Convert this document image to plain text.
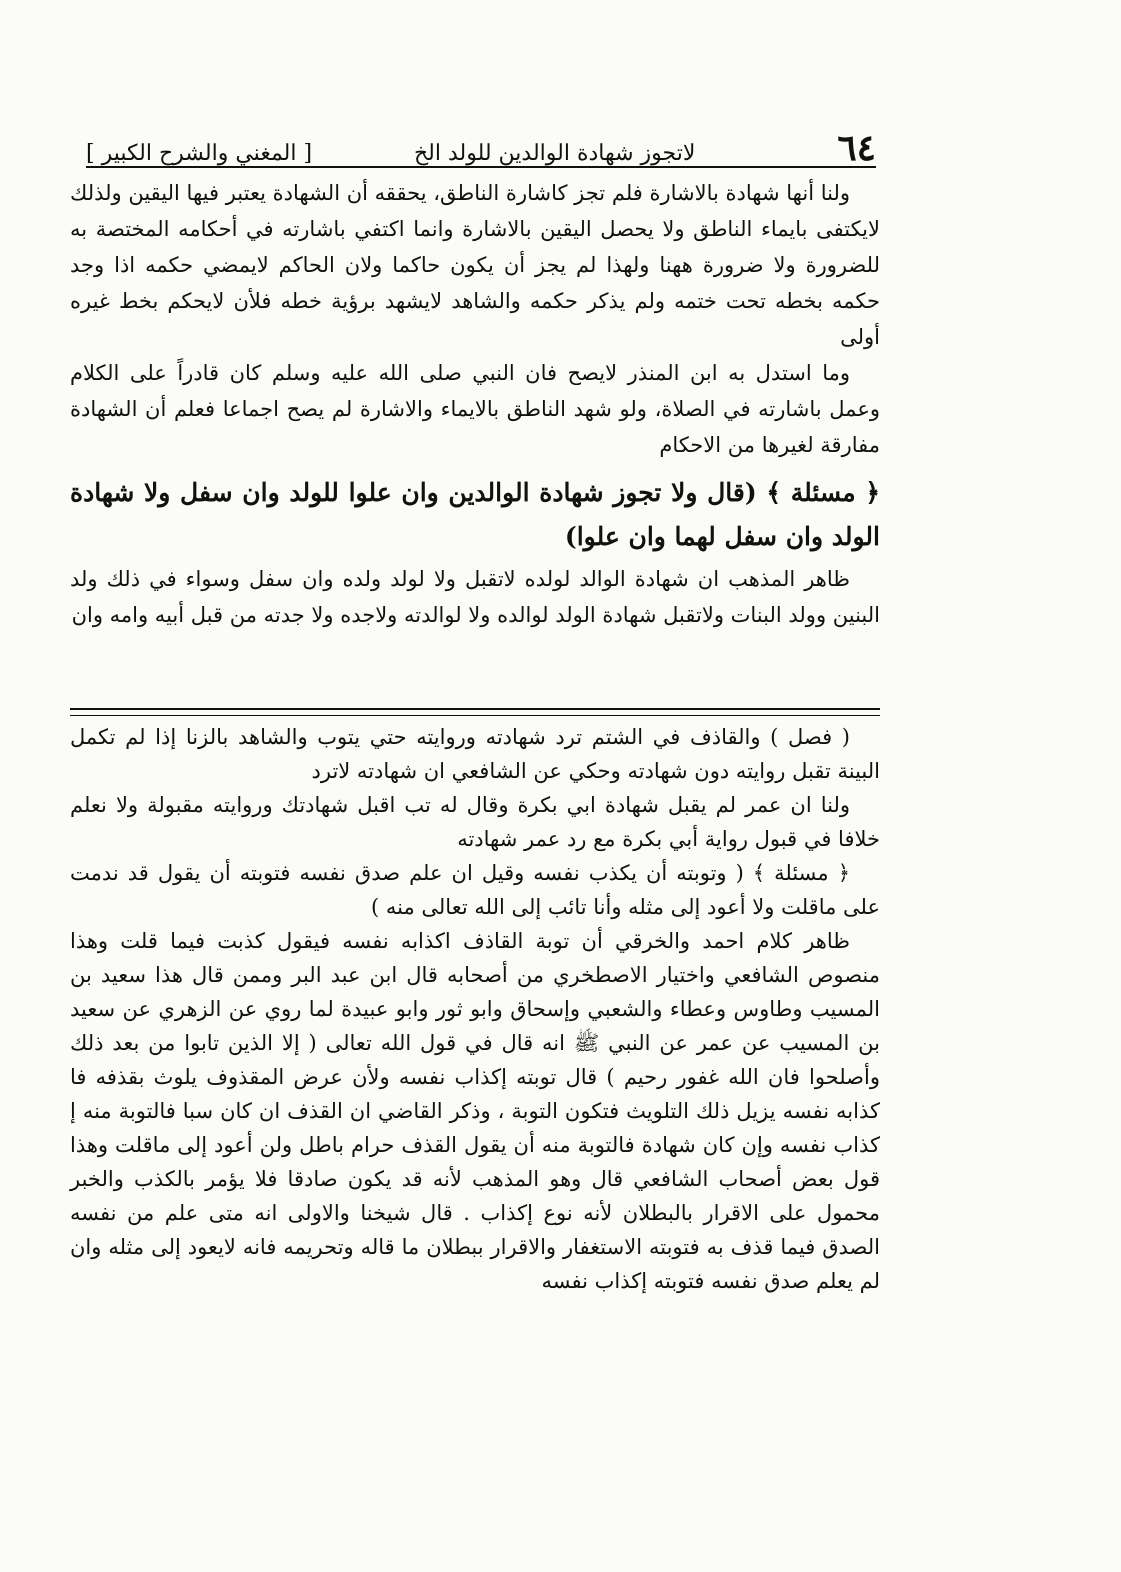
٦٤
لاتجوز شهادة الوالدين للولد الخ
[ المغني والشرح الكبير ]

ولنا أنها شهادة بالاشارة فلم تجز كاشارة الناطق، يحققه أن الشهادة يعتبر فيها اليقين ولذلك لايكتفى بايماء الناطق ولا يحصل اليقين بالاشارة وانما اكتفي باشارته في أحكامه المختصة به للضرورة ولا ضرورة ههنا ولهذا لم يجز أن يكون حاكما ولان الحاكم لايمضي حكمه اذا وجد حكمه بخطه تحت ختمه ولم يذكر حكمه والشاهد لايشهد برؤية خطه فلأن لايحكم بخط غيره أولى

وما استدل به ابن المنذر لايصح فان النبي صلى الله عليه وسلم كان قادراً على الكلام وعمل باشارته في الصلاة، ولو شهد الناطق بالايماء والاشارة لم يصح اجماعا فعلم أن الشهادة مفارقة لغيرها من الاحكام

﴿ مسئلة ﴾ (قال ولا تجوز شهادة الوالدين وان علوا للولد وان سفل ولا شهادة الولد وان سفل لهما وان علوا)

ظاهر المذهب ان شهادة الوالد لولده لاتقبل ولا لولد ولده وان سفل وسواء في ذلك ولد البنين وولد البنات ولاتقبل شهادة الولد لوالده ولا لوالدته ولاجده ولا جدته من قبل أبيه وامه وان

( فصل ) والقاذف في الشتم ترد شهادته وروايته حتي يتوب والشاهد بالزنا إذا لم تكمل البينة تقبل روايته دون شهادته وحكي عن الشافعي ان شهادته لاترد

ولنا ان عمر لم يقبل شهادة ابي بكرة وقال له تب اقبل شهادتك وروايته مقبولة ولا نعلم خلافا في قبول رواية أبي بكرة مع رد عمر شهادته

﴿ مسئلة ﴾ ( وتوبته أن يكذب نفسه وقيل ان علم صدق نفسه فتوبته أن يقول قد ندمت على ماقلت ولا أعود إلى مثله وأنا تائب إلى الله تعالى منه )

ظاهر كلام احمد والخرقي أن توبة القاذف اكذابه نفسه فيقول كذبت فيما قلت وهذا منصوص الشافعي واختيار الاصطخري من أصحابه قال ابن عبد البر وممن قال هذا سعيد بن المسيب وطاوس وعطاء والشعبي وإسحاق وابو ثور وابو عبيدة لما روي عن الزهري عن سعيد بن المسيب عن عمر عن النبي ﷺ انه قال في قول الله تعالى ( إلا الذين تابوا من بعد ذلك وأصلحوا فان الله غفور رحيم ) قال توبته إكذاب نفسه ولأن عرض المقذوف يلوث بقذفه فا كذابه نفسه يزيل ذلك التلويث فتكون التوبة ، وذكر القاضي ان القذف ان كان سبا فالتوبة منه إ كذاب نفسه وإن كان شهادة فالتوبة منه أن يقول القذف حرام باطل ولن أعود إلى ماقلت وهذا قول بعض أصحاب الشافعي قال وهو المذهب لأنه قد يكون صادقا فلا يؤمر بالكذب والخبر محمول على الاقرار بالبطلان لأنه نوع إكذاب . قال شيخنا والاولى انه متى علم من نفسه الصدق فيما قذف به فتوبته الاستغفار والاقرار ببطلان ما قاله وتحريمه فانه لايعود إلى مثله وان لم يعلم صدق نفسه فتوبته إكذاب نفسه
